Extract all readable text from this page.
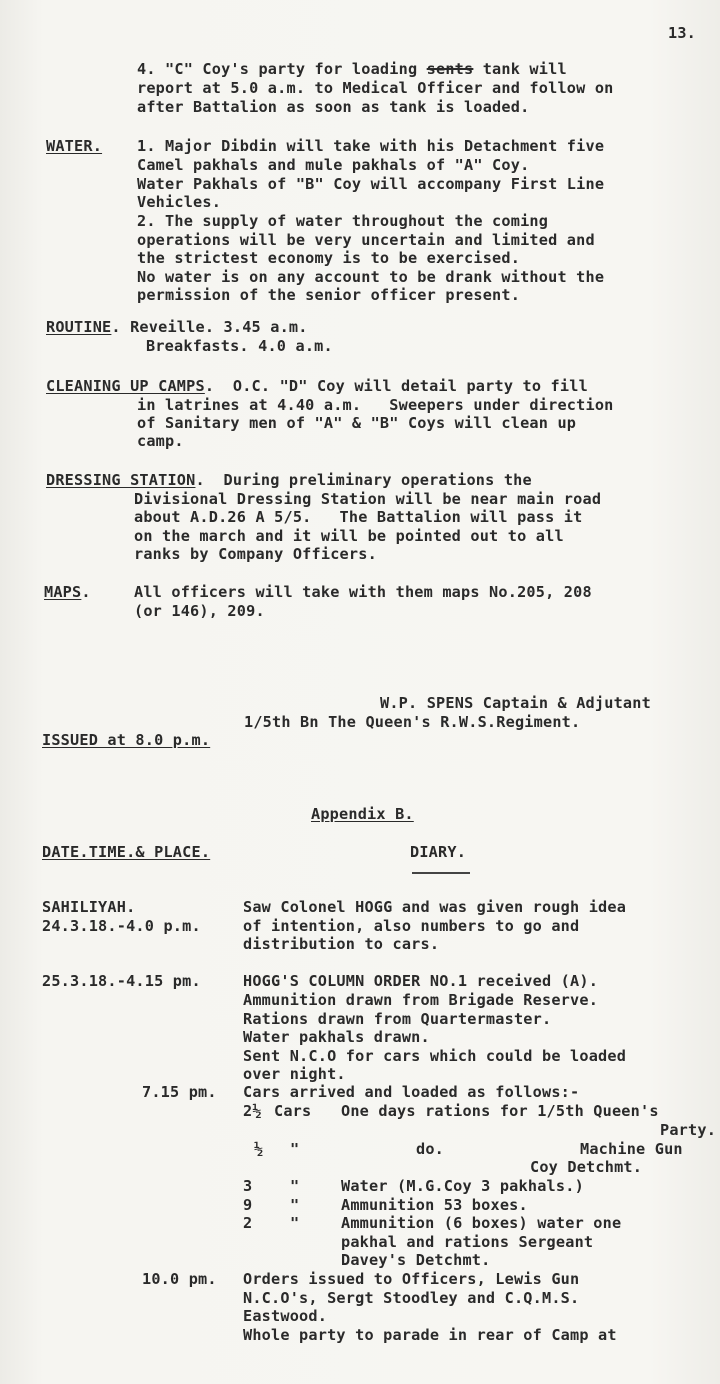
13.
4. "C" Coy's party for loading sents tank will
report at 5.0 a.m. to Medical Officer and follow on
after Battalion as soon as tank is loaded.
WATER. 1. Major Dibdin will take with his Detachment five
Camel pakhals and mule pakhals of "A" Coy.
Water Pakhals of "B" Coy will accompany First Line
Vehicles.
2. The supply of water throughout the coming
operations will be very uncertain and limited and
the strictest economy is to be exercised.
No water is on any account to be drank without the
permission of the senior officer present.
ROUTINE. Reveille. 3.45 a.m.
Breakfasts. 4.0 a.m.
CLEANING UP CAMPS.  O.C. "D" Coy will detail party to fill
in latrines at 4.40 a.m.   Sweepers under direction
of Sanitary men of "A" & "B" Coys will clean up
camp.
DRESSING STATION.  During preliminary operations the
Divisional Dressing Station will be near main road
about A.D.26 A 5/5.   The Battalion will pass it
on the march and it will be pointed out to all
ranks by Company Officers.
MAPS.	All officers will take with them maps No.205, 208
(or 146), 209.
W.P. SPENS Captain & Adjutant
1/5th Bn The Queen's R.W.S.Regiment.
ISSUED at 8.0 p.m.
Appendix B.
DATE.TIME.& PLACE.	DIARY.
SAHILIYAH.	Saw Colonel HOGG and was given rough idea
24.3.18.-4.0 p.m.	of intention, also numbers to go and
distribution to cars.
25.3.18.-4.15 pm.	HOGG'S COLUMN ORDER NO.1 received (A).
Ammunition drawn from Brigade Reserve.
Rations drawn from Quartermaster.
Water pakhals drawn.
Sent N.C.O for cars which could be loaded
over night.
7.15 pm. Cars arrived and loaded as follows:-
2½ Cars One days rations for 1/5th Queen's
Party.
½ "	do.	Machine Gun
Coy Detchmt.
3 "	Water (M.G.Coy 3 pakhals.)
9 "	Ammunition 53 boxes.
2 "	Ammunition (6 boxes) water one
pakhal and rations Sergeant
Davey's Detchmt.
10.0 pm. Orders issued to Officers, Lewis Gun
N.C.O's, Sergt Stoodley and C.Q.M.S.
Eastwood.
Whole party to parade in rear of Camp at
